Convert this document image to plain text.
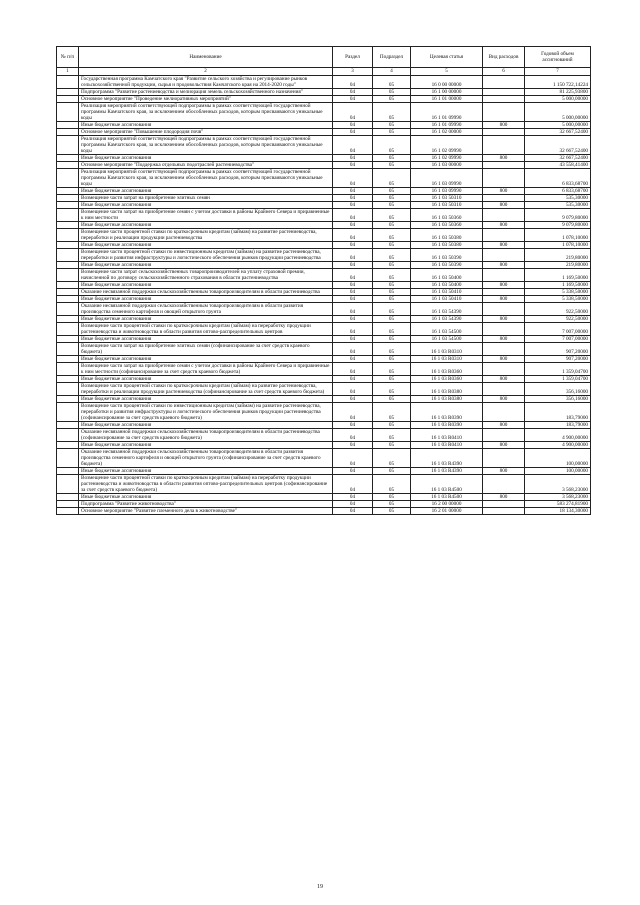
№ п/п	Наименование	Раздел	Подраздел	Целевая статья	Вид расходов	Годовой объем ассигнований
1	2	3	4	5	6	7
	Государственная программа Камчатского края "Развитие сельского хозяйства и регулирование рынков сельскохозяйственной продукции, сырья и продовольствия Камчатского края на 2014-2020 годы"	04	05	16 0 00 00000		1 150 722,14224
	Подпрограмма "Развитие растениеводства и мелиорация земель сельскохозяйственного назначения"	04	05	16 1 00 00000		81 225,93800
	Основное мероприятие "Проведение мелиоративных мероприятий"	04	05	16 1 01 00000		5 000,00000
	Реализация мероприятий соответствующей подпрограммы в рамках соответствующей государственной программы Камчатского края, за исключением обособленных расходов, которым присваиваются уникальные коды	04	05	16 1 01 09990		5 000,00000
	Иные бюджетные ассигнования	04	05	16 1 01 09990	800	5 000,00000
	Основное мероприятие "Повышение плодородия почв"	04	05	16 1 02 00000		32 667,52400
	Реализация мероприятий соответствующей подпрограммы в рамках соответствующей государственной программы Камчатского края, за исключением обособленных расходов, которым присваиваются уникальные коды	04	05	16 1 02 09990		32 667,52400
	Иные бюджетные ассигнования	04	05	16 1 02 09990	800	32 667,52400
	Основное мероприятие "Поддержка отдельных подотраслей растениеводства"	04	05	16 1 03 00000		43 558,41400
	Реализация мероприятий соответствующей подпрограммы в рамках соответствующей государственной программы Камчатского края, за исключением обособленных расходов, которым присваиваются уникальные коды	04	05	16 1 03 09990		6 833,68700
	Иные бюджетные ассигнования	04	05	16 1 03 09990	800	6 833,68700
	Возмещение части затрат на приобретение элитных семян	04	05	16 1 03 50310		535,30000
	Иные бюджетные ассигнования	04	05	16 1 03 50310	800	535,30000
	Возмещение части затрат на приобретение семян с учетом доставки в районы Крайнего Севера и приравненные к ним местности	04	05	16 1 03 50360		9 079,80000
	Иные бюджетные ассигнования	04	05	16 1 03 50360	800	9 079,80000
	Возмещение части процентной ставки по краткосрочным кредитам (займам) на развитие растениеводства, переработки и реализации продукции растениеводства	04	05	16 1 03 50380		1 078,10000
	Иные бюджетные ассигнования	04	05	16 1 03 50380	800	1 078,10000
	Возмещение части процентной ставки по инвестиционным кредитам (займам) на развитие растениеводства, переработки и развития инфраструктуры и логистического обеспечения рынков продукции растениеводства	04	05	16 1 03 50390		219,80000
	Иные бюджетные ассигнования	04	05	16 1 03 50390	800	219,80000
	Возмещение части затрат сельскохозяйственных товаропроизводителей на уплату страховой премии, начисленной по договору сельскохозяйственного страхования в области растениеводства	04	05	16 1 03 50400		1 169,50000
	Иные бюджетные ассигнования	04	05	16 1 03 50400	800	1 169,50000
	Оказание несвязанной поддержки сельскохозяйственным товаропроизводителям в области растениеводства	04	05	16 1 03 50410		5 338,50000
	Иные бюджетные ассигнования	04	05	16 1 03 50410	800	5 338,50000
	Оказание несвязанной поддержки сельскохозяйственным товаропроизводителям в области развития производства семенного картофеля и овощей открытого грунта	04	05	16 1 03 54390		922,50000
	Иные бюджетные ассигнования	04	05	16 1 03 54390	800	922,50000
	Возмещение части процентной ставки по краткосрочным кредитам (займам) на переработку продукции растениеводства и животноводства в области развития оптово-распределительных центров	04	05	16 1 03 54500		7 007,00000
	Иные бюджетные ассигнования	04	05	16 1 03 54500	800	7 007,00000
	Возмещение части затрат на приобретение элитных семян (софинансирование за счет средств краевого бюджета)	04	05	16 1 03 R0310		907,20000
	Иные бюджетные ассигнования	04	05	16 1 03 R0310	800	907,20000
	Возмещение части затрат на приобретение семян с учетом доставки в районы Крайнего Севера и приравненные к ним местности (софинансирование за счет средств краевого бюджета)	04	05	16 1 03 R0360		1 359,04700
	Иные бюджетные ассигнования	04	05	16 1 03 R0360	800	1 359,04700
	Возмещение части процентной ставки по краткосрочным кредитам (займам) на развитие растениеводства, переработки и реализации продукции растениеводства (софинансирование за счет средств краевого бюджета)	04	05	16 1 03 R0380		356,16000
	Иные бюджетные ассигнования	04	05	16 1 03 R0380	800	356,16000
	Возмещение части процентной ставки по инвестиционным кредитам (займам) на развитие растениеводства, переработки и развития инфраструктуры и логистического обеспечения рынков продукции растениеводства (софинансирование за счет средств краевого бюджета)	04	05	16 1 03 R0390		183,79000
	Иные бюджетные ассигнования	04	05	16 1 03 R0390	800	183,79000
	Оказание несвязанной поддержки сельскохозяйственным товаропроизводителям в области растениеводства (софинансирование за счет средств краевого бюджета)	04	05	16 1 03 R0410		4 900,00000
	Иные бюджетные ассигнования	04	05	16 1 03 R0410	800	4 900,00000
	Оказание несвязанной поддержки сельскохозяйственным товаропроизводителям в области развития производства семенного картофеля и овощей открытого грунта (софинансирование за счет средств краевого бюджета)	04	05	16 1 03 R4390		100,00000
	Иные бюджетные ассигнования	04	05	16 1 03 R4390	800	100,00000
	Возмещение части процентной ставки по краткосрочным кредитам (займам) на переработку продукции растениеводства и животноводства в области развития оптово-распределительных центров (софинансирование за счет средств краевого бюджета)	04	05	16 1 03 R4500		3 568,23000
	Иные бюджетные ассигнования	04	05	16 1 03 R4500	800	3 568,23000
	Подпрограмма "Развитие животноводства"	04	05	16 2 00 00000		583 274,81900
	Основное мероприятие "Развитие племенного дела в животноводстве"	04	05	16 2 01 00000		18 134,30000
19
